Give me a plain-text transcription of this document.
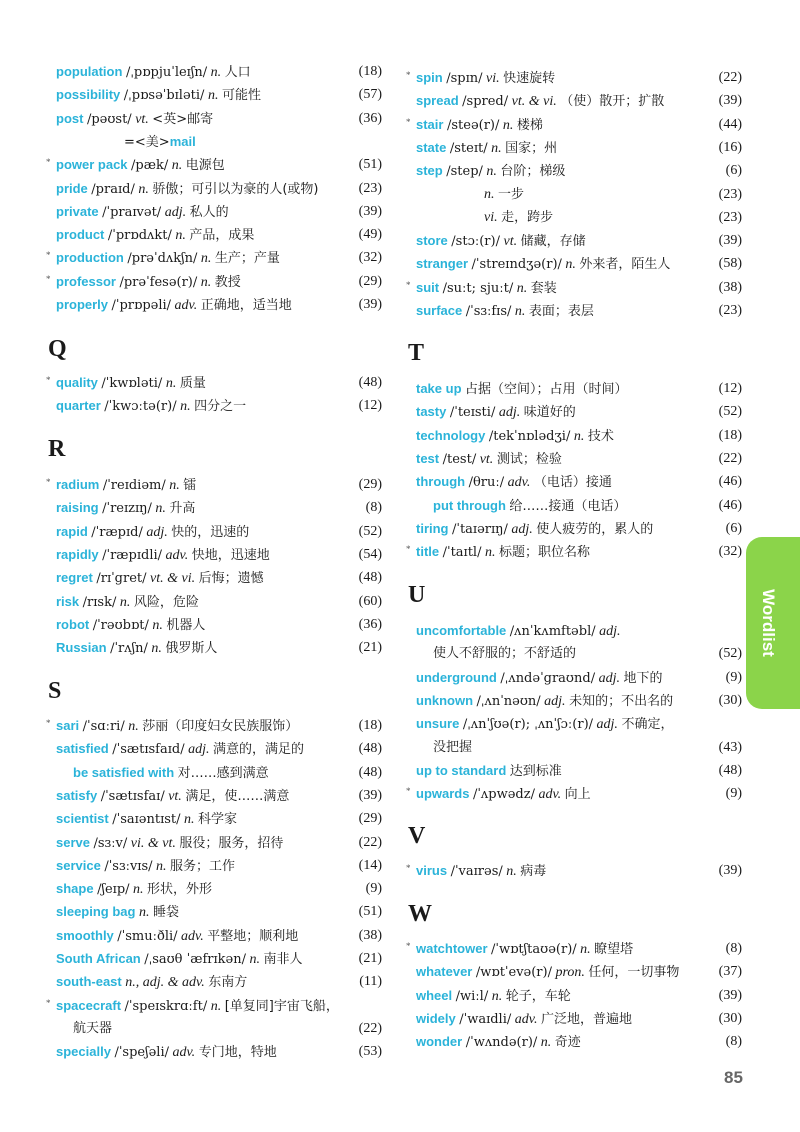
population /ˌpɒpjuˈleɪʃn/ n. 人口	(18)
possibility /ˌpɒsəˈbɪləti/ n. 可能性	(57)
post /pəʊst/ vt. <英>邮寄	(36)
=<美>mail
* power pack /pæk/ n. 电源包	(51)
pride /praɪd/ n. 骄傲；可引以为豪的人(或物)	(23)
private /ˈpraɪvət/ adj. 私人的	(39)
product /ˈprɒdʌkt/ n. 产品，成果	(49)
* production /prəˈdʌkʃn/ n. 生产；产量	(32)
* professor /prəˈfesə(r)/ n. 教授	(29)
properly /ˈprɒpəli/ adv. 正确地，适当地	(39)
Q
* quality /ˈkwɒləti/ n. 质量	(48)
quarter /ˈkwɔːtə(r)/ n. 四分之一	(12)
R
* radium /ˈreɪdiəm/ n. 镭	(29)
raising /ˈreɪzɪŋ/ n. 升高	(8)
rapid /ˈræpɪd/ adj. 快的，迅速的	(52)
rapidly /ˈræpɪdli/ adv. 快地，迅速地	(54)
regret /rɪˈgret/ vt. & vi. 后悔；遗憾	(48)
risk /rɪsk/ n. 风险，危险	(60)
robot /ˈrəʊbɒt/ n. 机器人	(36)
Russian /ˈrʌʃn/ n. 俄罗斯人	(21)
S
* sari /ˈsɑːri/ n. 莎丽（印度妇女民族服饰）	(18)
satisfied /ˈsætɪsfaɪd/ adj. 满意的，满足的	(48)
be satisfied with 对……感到满意	(48)
satisfy /ˈsætɪsfaɪ/ vt. 满足，使……满意	(39)
scientist /ˈsaɪəntɪst/ n. 科学家	(29)
serve /sɜːv/ vi. & vt. 服役；服务，招待	(22)
service /ˈsɜːvɪs/ n. 服务；工作	(14)
shape /ʃeɪp/ n. 形状，外形	(9)
sleeping bag n. 睡袋	(51)
smoothly /ˈsmuːðli/ adv. 平整地；顺利地	(38)
South African /ˌsaʊθ ˈæfrɪkən/ n. 南非人	(21)
south-east n., adj. & adv. 东南方	(11)
* spacecraft /ˈspeɪskrɑːft/ n. [单复同]宇宙飞船，
航天器	(22)
specially /ˈspeʃəli/ adv. 专门地，特地	(53)
* spin /spɪn/ vi. 快速旋转	(22)
spread /spred/ vt. & vi. （使）散开；扩散	(39)
* stair /steə(r)/ n. 楼梯	(44)
state /steɪt/ n. 国家；州	(16)
step /step/ n. 台阶；梯级	(6)
n. 一步	(23)
vi. 走，跨步	(23)
store /stɔː(r)/ vt. 储藏，存储	(39)
stranger /ˈstreɪndʒə(r)/ n. 外来者，陌生人	(58)
* suit /suːt; sjuːt/ n. 套装	(38)
surface /ˈsɜːfɪs/ n. 表面；表层	(23)
T
take up 占据（空间）；占用（时间）	(12)
tasty /ˈteɪsti/ adj. 味道好的	(52)
technology /tekˈnɒlədʒi/ n. 技术	(18)
test /test/ vt. 测试；检验	(22)
through /θruː/ adv. （电话）接通	(46)
put through 给……接通（电话）	(46)
tiring /ˈtaɪərɪŋ/ adj. 使人疲劳的，累人的	(6)
* title /ˈtaɪtl/ n. 标题；职位名称	(32)
U
uncomfortable /ʌnˈkʌmftəbl/ adj.
使人不舒服的；不舒适的	(52)
underground /ˌʌndəˈgraʊnd/ adj. 地下的	(9)
unknown /ˌʌnˈnəʊn/ adj. 未知的；不出名的	(30)
unsure /ˌʌnˈʃʊə(r); ˌʌnˈʃɔː(r)/ adj. 不确定，
没把握	(43)
up to standard 达到标准	(48)
* upwards /ˈʌpwədz/ adv. 向上	(9)
V
* virus /ˈvaɪrəs/ n. 病毒	(39)
W
* watchtower /ˈwɒtʃtaʊə(r)/ n. 瞭望塔	(8)
whatever /wɒtˈevə(r)/ pron. 任何，一切事物	(37)
wheel /wiːl/ n. 轮子，车轮	(39)
widely /ˈwaɪdli/ adv. 广泛地，普遍地	(30)
wonder /ˈwʌndə(r)/ n. 奇迹	(8)
Wordlist
85
